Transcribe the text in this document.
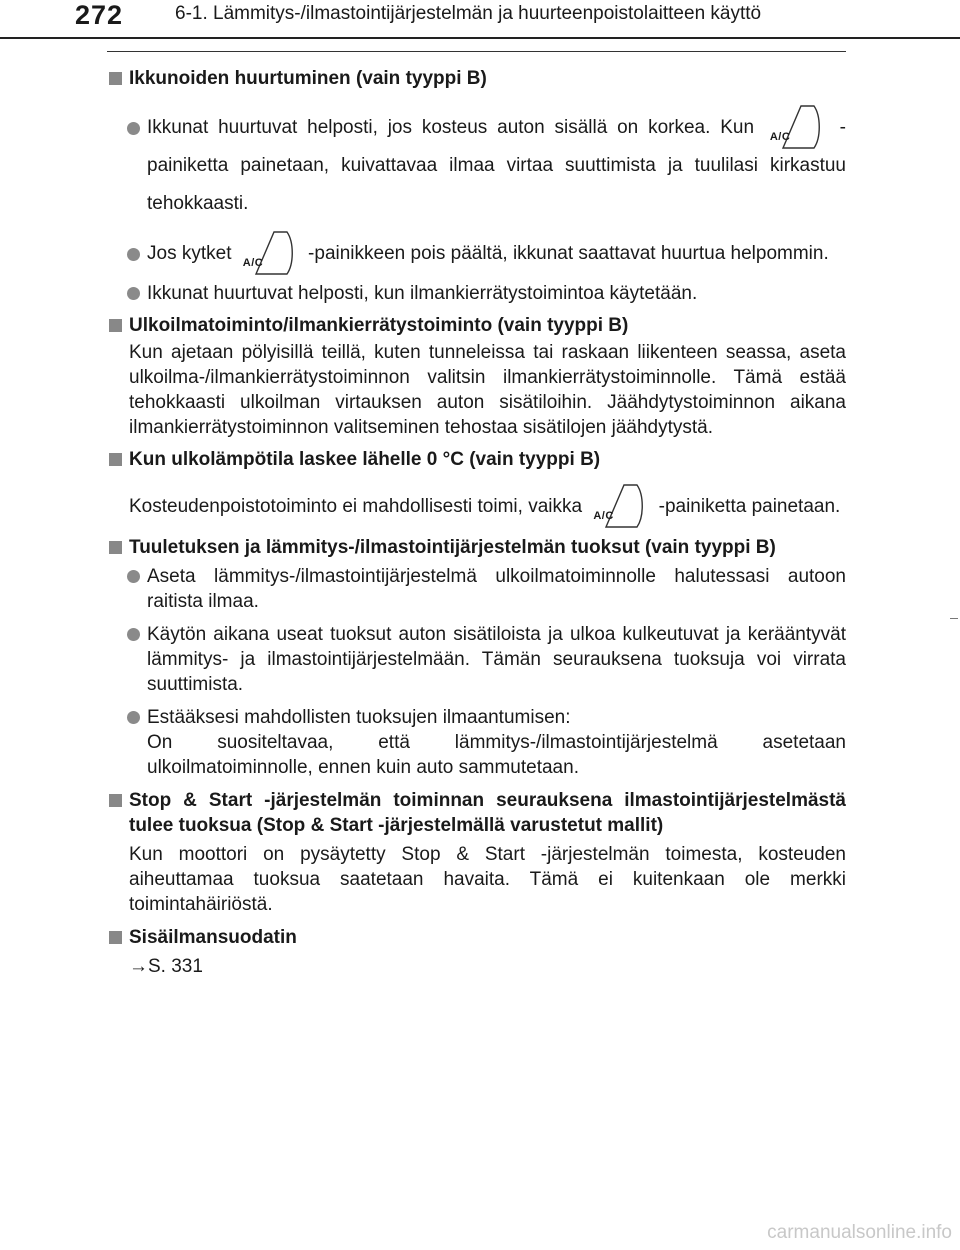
272	6-1. Lämmitys-/ilmastointijärjestelmän ja huurteenpoistolaitteen käyttö
Ikkunoiden huurtuminen (vain tyyppi B)
Ikkunat huurtuvat helposti, jos kosteus auton sisällä on korkea. Kun A/C	-painiketta painetaan, kuivattavaa ilmaa virtaa suuttimista ja tuulilasi kirkastuu tehokkaasti.
Jos kytket A/C	-painikkeen pois päältä, ikkunat saattavat huurtua helpommin.
Ikkunat huurtuvat helposti, kun ilmankierrätystoimintoa käytetään.
Ulkoilmatoiminto/ilmankierrätystoiminto (vain tyyppi B)
Kun ajetaan pölyisillä teillä, kuten tunneleissa tai raskaan liikenteen seassa, aseta ulkoilma-/ilmankierrätystoiminnon valitsin ilmankierrätystoiminnolle. Tämä estää tehokkaasti ulkoilman virtauksen auton sisätiloihin. Jäähdytystoiminnon aikana ilmankierrätystoiminnon valitseminen tehostaa sisätilojen jäähdytystä.
Kun ulkolämpötila laskee lähelle 0 °C (vain tyyppi B)
Kosteudenpoistotoiminto ei mahdollisesti toimi, vaikka A/C	-painiketta painetaan.
Tuuletuksen ja lämmitys-/ilmastointijärjestelmän tuoksut (vain tyyppi B)
Aseta lämmitys-/ilmastointijärjestelmä ulkoilmatoiminnolle halutessasi autoon raitista ilmaa.
Käytön aikana useat tuoksut auton sisätiloista ja ulkoa kulkeutuvat ja kerääntyvät lämmitys- ja ilmastointijärjestelmään. Tämän seurauksena tuoksuja voi virrata suuttimista.
Estääksesi mahdollisten tuoksujen ilmaantumisen:
On suositeltavaa, että lämmitys-/ilmastointijärjestelmä asetetaan ulkoilmatoiminnolle, ennen kuin auto sammutetaan.
Stop & Start -järjestelmän toiminnan seurauksena ilmastointijärjestelmästä tulee tuoksua (Stop & Start -järjestelmällä varustetut mallit)
Kun moottori on pysäytetty Stop & Start -järjestelmän toimesta, kosteuden aiheuttamaa tuoksua saatetaan havaita. Tämä ei kuitenkaan ole merkki toimintahäiriöstä.
Sisäilmansuodatin
→S. 331
carmanualsonline.info
